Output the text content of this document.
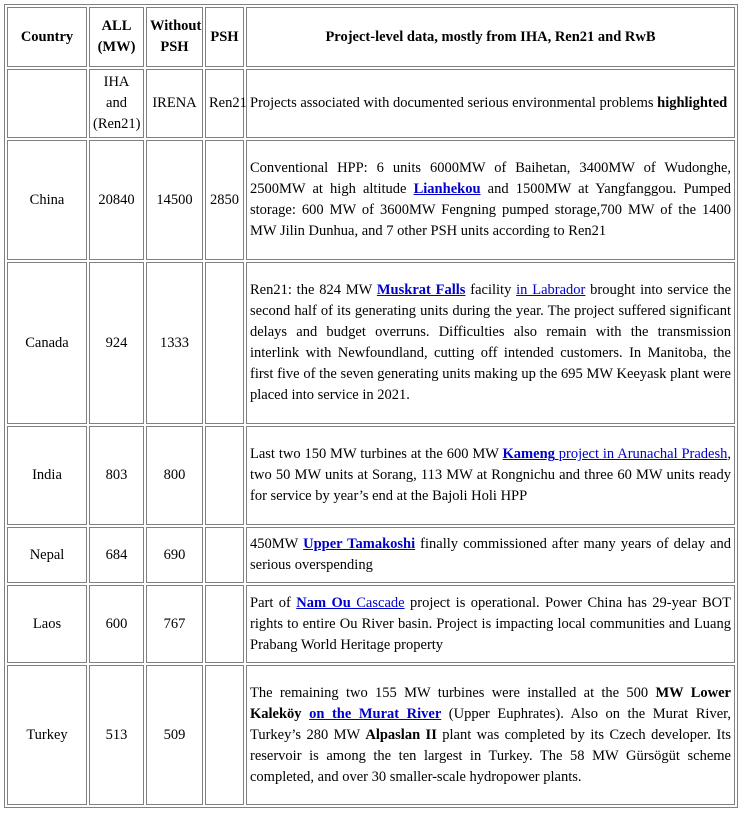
Country	ALL (MW)	Without PSH	PSH	Project-level data, mostly from IHA, Ren21 and RwB
	IHA and (Ren21)	IRENA	Ren21	Projects associated with documented serious environmental problems highlighted
China	20840	14500	2850	Conventional HPP: 6 units 6000MW of Baihetan, 3400MW of Wudonghe, 2500MW at high altitude Lianhekou and 1500MW at Yangfanggou. Pumped storage: 600 MW of 3600MW Fengning pumped storage,700 MW of the 1400 MW Jilin Dunhua, and 7 other PSH units according to Ren21
Canada	924	1333		Ren21: the 824 MW Muskrat Falls facility in Labrador brought into service the second half of its generating units during the year. The project suffered significant delays and budget overruns. Difficulties also remain with the transmission interlink with Newfoundland, cutting off intended customers. In Manitoba, the first five of the seven generating units making up the 695 MW Keeyask plant were placed into service in 2021.
India	803	800		Last two 150 MW turbines at the 600 MW Kameng project in Arunachal Pradesh, two 50 MW units at Sorang, 113 MW at Rongnichu and three 60 MW units ready for service by year’s end at the Bajoli Holi HPP
Nepal	684	690		450MW Upper Tamakoshi finally commissioned after many years of delay and serious overspending
Laos	600	767		Part of Nam Ou Cascade project is operational. Power China has 29-year BOT rights to entire Ou River basin. Project is impacting local communities and Luang Prabang World Heritage property
Turkey	513	509		The remaining two 155 MW turbines were installed at the 500 MW Lower Kaleköy on the Murat River (Upper Euphrates). Also on the Murat River, Turkey’s 280 MW Alpaslan II plant was completed by its Czech developer. Its reservoir is among the ten largest in Turkey. The 58 MW Gürsögüt scheme completed, and over 30 smaller-scale hydropower plants.
